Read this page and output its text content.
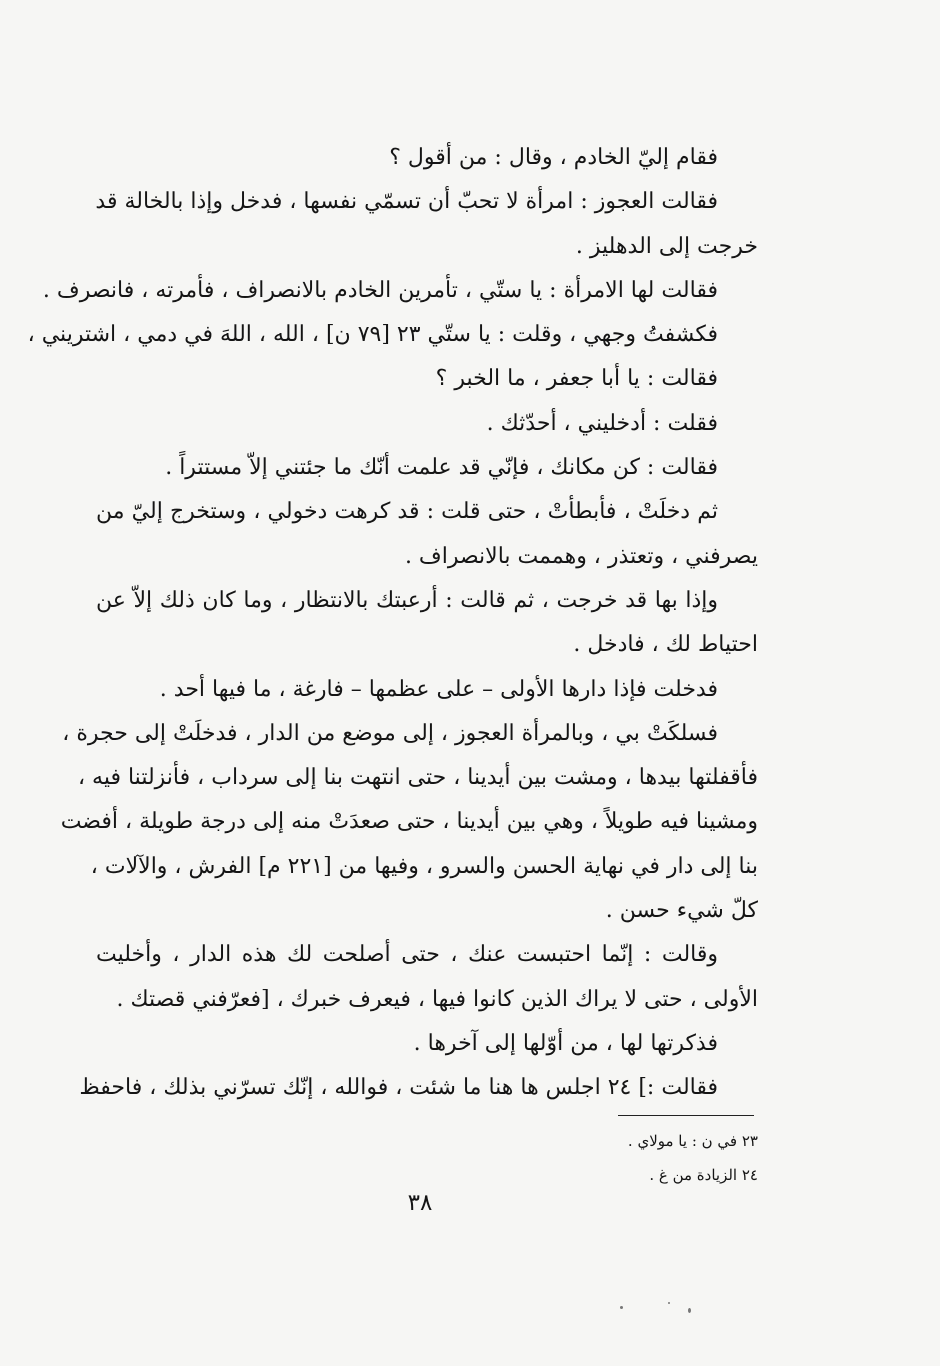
فقام إليّ الخادم ، وقال : من أقول ؟
فقالت العجوز : امرأة لا تحبّ أن تسمّي نفسها ، فدخل وإذا بالخالة قد
خرجت إلى الدهليز .
فقالت لها الامرأة : يا ستّي ، تأمرين الخادم بالانصراف ، فأمرته ، فانصرف .
فكشفتُ وجهي ، وقلت : يا ستّي ٢٣ [٧٩ ن] ، الله ، اللهَ في دمي ، اشتريني ،
فقالت : يا أبا جعفر ، ما الخبر ؟
فقلت : أدخليني ، أحدّثك .
فقالت : كن مكانك ، فإنّي قد علمت أنّك ما جئتني إلاّ مستتراً .
ثم دخلَتْ ، فأبطأتْ ، حتى قلت : قد كرهت دخولي ، وستخرج إليّ من
يصرفني ، وتعتذر ، وهممت بالانصراف .
وإذا بها قد خرجت ، ثم قالت : أرعبتك بالانتظار ، وما كان ذلك إلاّ عن
احتياط لك ، فادخل .
فدخلت فإذا دارها الأولى – على عظمها – فارغة ، ما فيها أحد .
فسلكَتْ بي ، وبالمرأة العجوز ، إلى موضع من الدار ، فدخلَتْ إلى حجرة ،
فأقفلتها بيدها ، ومشت بين أيدينا ، حتى انتهت بنا إلى سرداب ، فأنزلتنا فيه ،
ومشينا فيه طويلاً ، وهي بين أيدينا ، حتى صعدَتْ منه إلى درجة طويلة ، أفضت
بنا إلى دار في نهاية الحسن والسرو ، وفيها من [٢٢١ م] الفرش ، والآلات ،
كلّ شيء حسن .
وقالت : إنّما احتبست عنك ، حتى أصلحت لك هذه الدار ، وأخليت
الأولى ، حتى لا يراك الذين كانوا فيها ، فيعرف خبرك ، [فعرّفني قصتك .
فذكرتها لها ، من أوّلها إلى آخرها .
فقالت :] ٢٤ اجلس ها هنا ما شئت ، فوالله ، إنّك تسرّني بذلك ، فاحفظ
٢٣ في ن : يا مولاي .
٢٤ الزيادة من غ .
٣٨
